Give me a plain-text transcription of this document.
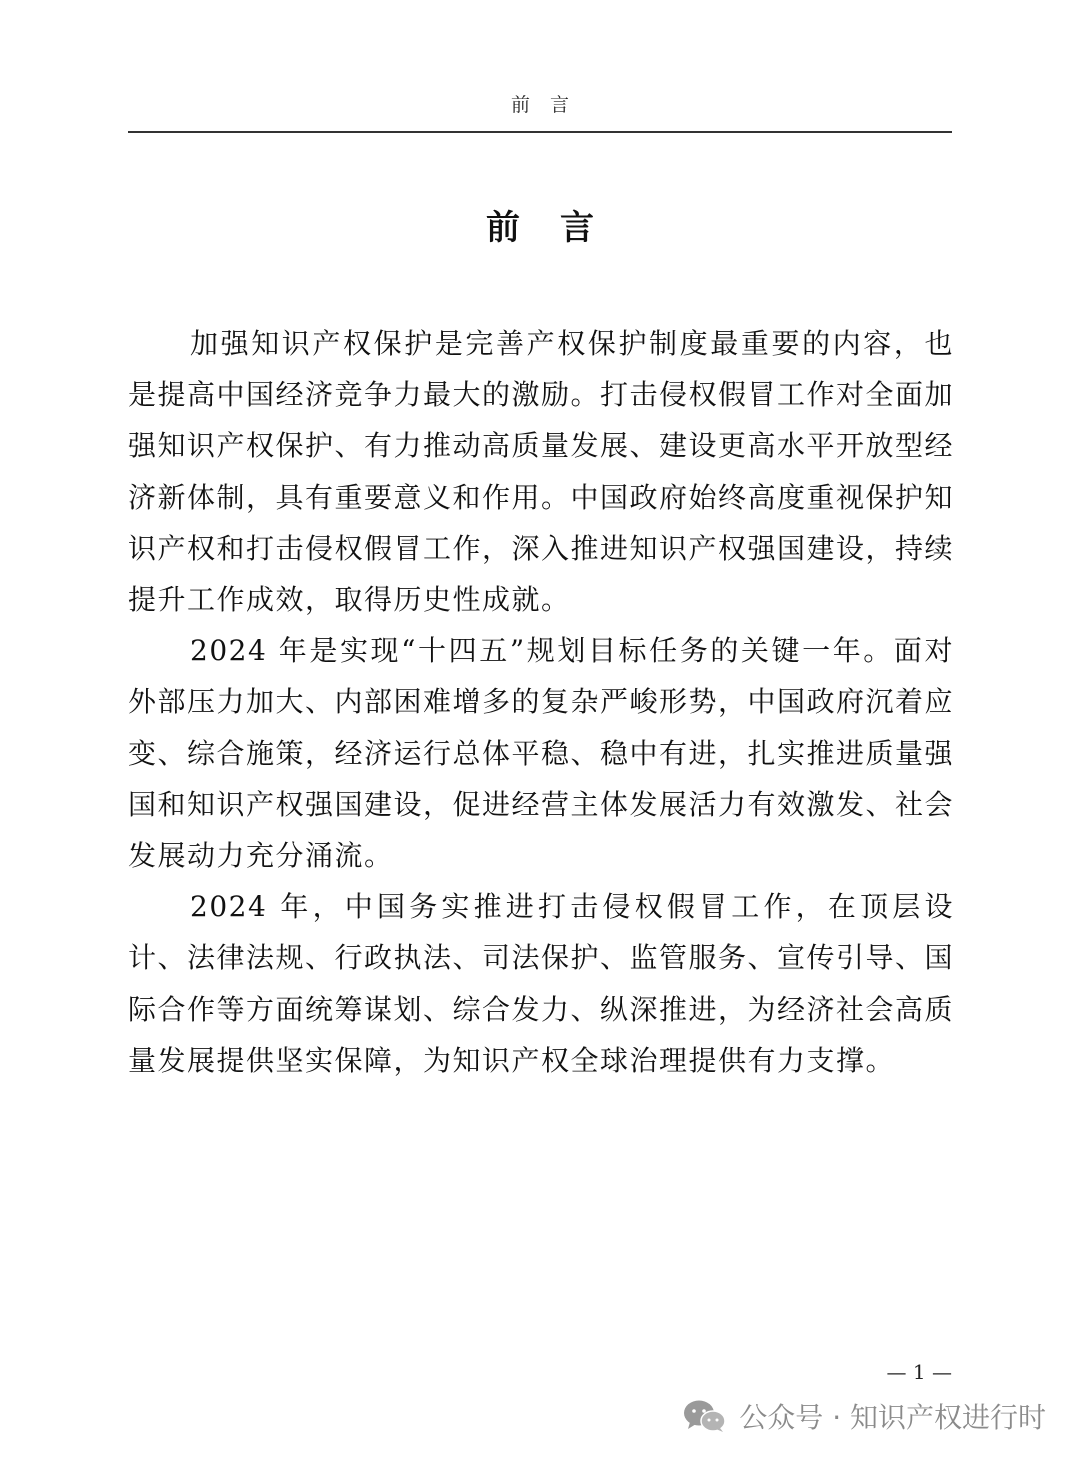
前言
前言

加强知识产权保护是完善产权保护制度最重要的内容，也是提高中国经济竞争力最大的激励。打击侵权假冒工作对全面加强知识产权保护、有力推动高质量发展、建设更高水平开放型经济新体制，具有重要意义和作用。中国政府始终高度重视保护知识产权和打击侵权假冒工作，深入推进知识产权强国建设，持续提升工作成效，取得历史性成就。

2024 年是实现“十四五”规划目标任务的关键一年。面对外部压力加大、内部困难增多的复杂严峻形势，中国政府沉着应变、综合施策，经济运行总体平稳、稳中有进，扎实推进质量强国和知识产权强国建设，促进经营主体发展活力有效激发、社会发展动力充分涌流。

2024 年，中国务实推进打击侵权假冒工作，在顶层设计、法律法规、行政执法、司法保护、监管服务、宣传引导、国际合作等方面统筹谋划、综合发力、纵深推进，为经济社会高质量发展提供坚实保障，为知识产权全球治理提供有力支撑。

— 1 —
公众号 · 知识产权进行时
